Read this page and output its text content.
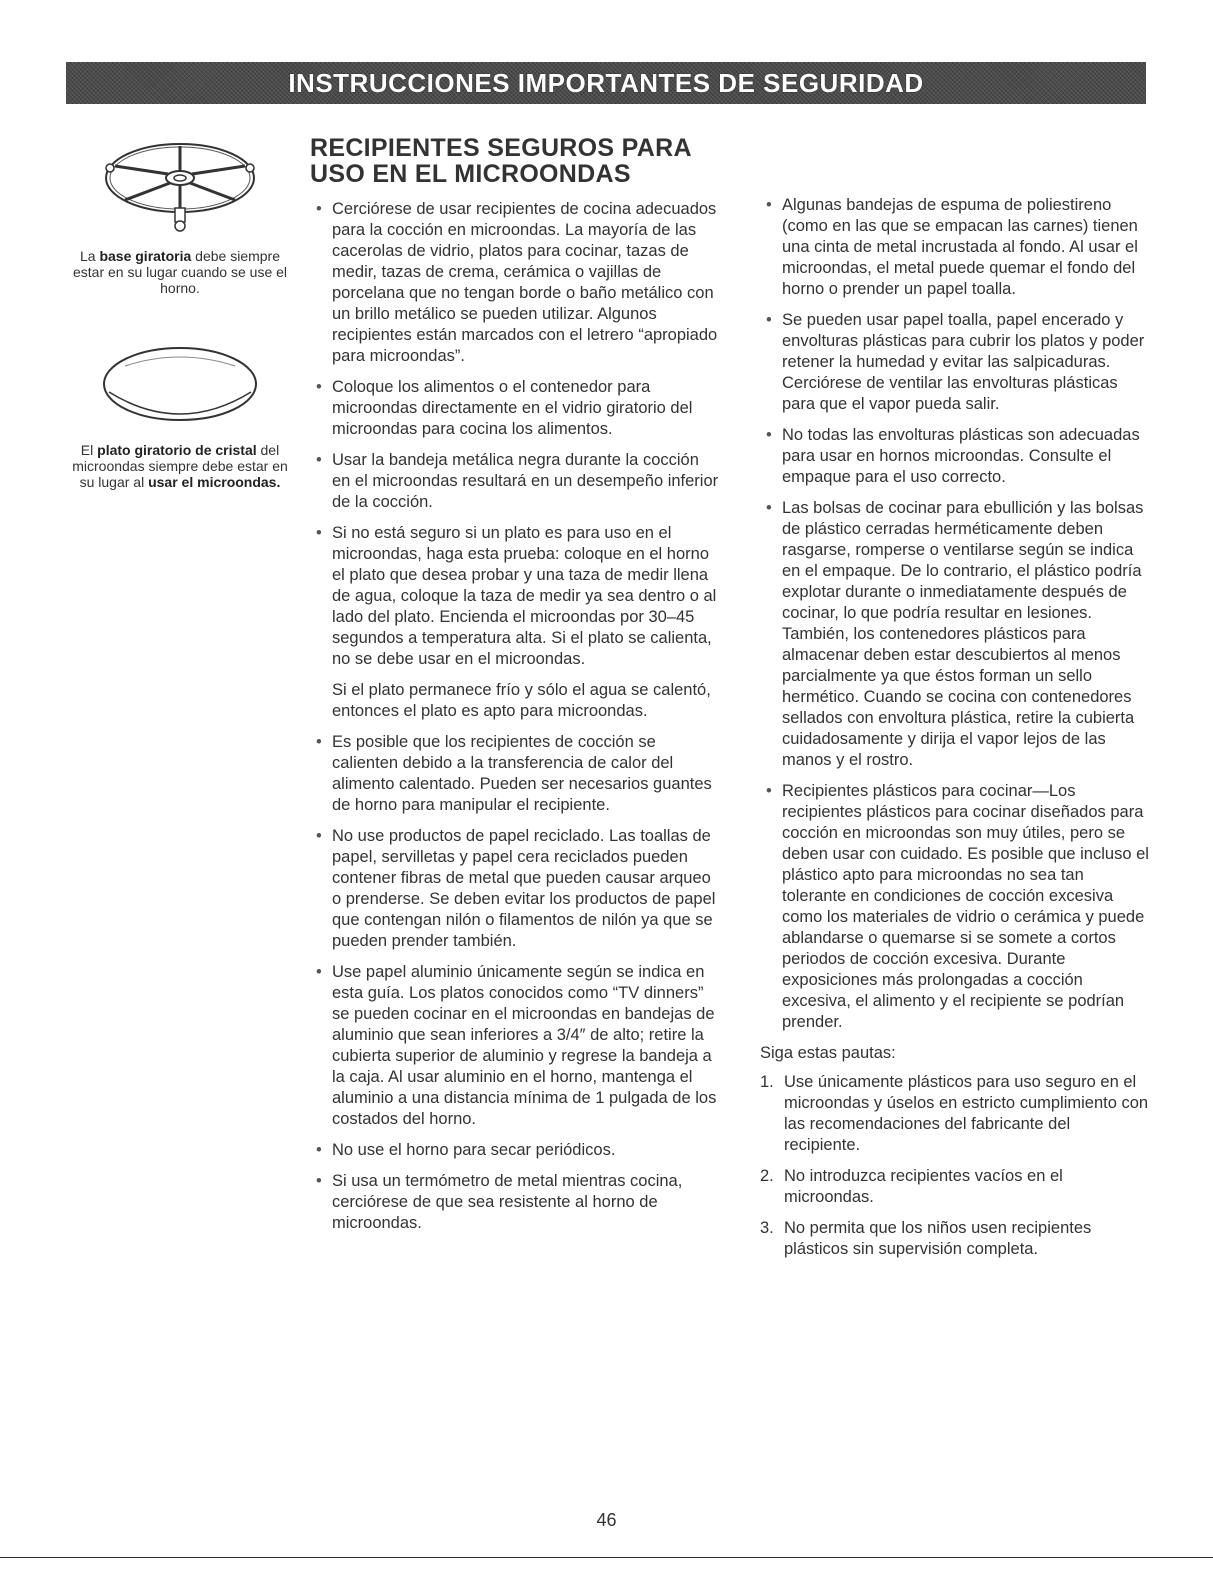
INSTRUCCIONES IMPORTANTES DE SEGURIDAD
La base giratoria debe siempre estar en su lugar cuando se use el horno.
El plato giratorio de cristal del microondas siempre debe estar en su lugar al usar el microondas.
RECIPIENTES SEGUROS PARA USO EN EL MICROONDAS
• Cerciórese de usar recipientes de cocina adecuados para la cocción en microondas. La mayoría de las cacerolas de vidrio, platos para cocinar, tazas de medir, tazas de crema, cerámica o vajillas de porcelana que no tengan borde o baño metálico con un brillo metálico se pueden utilizar. Algunos recipientes están marcados con el letrero “apropiado para microondas”.
• Coloque los alimentos o el contenedor para microondas directamente en el vidrio giratorio del microondas para cocina los alimentos.
• Usar la bandeja metálica negra durante la cocción en el microondas resultará en un desempeño inferior de la cocción.
• Si no está seguro si un plato es para uso en el microondas, haga esta prueba: coloque en el horno el plato que desea probar y una taza de medir llena de agua, coloque la taza de medir ya sea dentro o al lado del plato. Encienda el microondas por 30–45 segundos a temperatura alta. Si el plato se calienta, no se debe usar en el microondas.
Si el plato permanece frío y sólo el agua se calentó, entonces el plato es apto para microondas.
• Es posible que los recipientes de cocción se calienten debido a la transferencia de calor del alimento calentado. Pueden ser necesarios guantes de horno para manipular el recipiente.
• No use productos de papel reciclado. Las toallas de papel, servilletas y papel cera reciclados pueden contener fibras de metal que pueden causar arqueo o prenderse. Se deben evitar los productos de papel que contengan nilón o filamentos de nilón ya que se pueden prender también.
• Use papel aluminio únicamente según se indica en esta guía. Los platos conocidos como “TV dinners” se pueden cocinar en el microondas en bandejas de aluminio que sean inferiores a 3/4″ de alto; retire la cubierta superior de aluminio y regrese la bandeja a la caja. Al usar aluminio en el horno, mantenga el aluminio a una distancia mínima de 1 pulgada de los costados del horno.
• No use el horno para secar periódicos.
• Si usa un termómetro de metal mientras cocina, cerciórese de que sea resistente al horno de microondas.
• Algunas bandejas de espuma de poliestireno (como en las que se empacan las carnes) tienen una cinta de metal incrustada al fondo. Al usar el microondas, el metal puede quemar el fondo del horno o prender un papel toalla.
• Se pueden usar papel toalla, papel encerado y envolturas plásticas para cubrir los platos y poder retener la humedad y evitar las salpicaduras. Cerciórese de ventilar las envolturas plásticas para que el vapor pueda salir.
• No todas las envolturas plásticas son adecuadas para usar en hornos microondas. Consulte el empaque para el uso correcto.
• Las bolsas de cocinar para ebullición y las bolsas de plástico cerradas herméticamente deben rasgarse, romperse o ventilarse según se indica en el empaque. De lo contrario, el plástico podría explotar durante o inmediatamente después de cocinar, lo que podría resultar en lesiones. También, los contenedores plásticos para almacenar deben estar descubiertos al menos parcialmente ya que éstos forman un sello hermético. Cuando se cocina con contenedores sellados con envoltura plástica, retire la cubierta cuidadosamente y dirija el vapor lejos de las manos y el rostro.
• Recipientes plásticos para cocinar—Los recipientes plásticos para cocinar diseñados para cocción en microondas son muy útiles, pero se deben usar con cuidado. Es posible que incluso el plástico apto para microondas no sea tan tolerante en condiciones de cocción excesiva como los materiales de vidrio o cerámica y puede ablandarse o quemarse si se somete a cortos periodos de cocción excesiva. Durante exposiciones más prolongadas a cocción excesiva, el alimento y el recipiente se podrían prender.

Siga estas pautas:

1. Use únicamente plásticos para uso seguro en el microondas y úselos en estricto cumplimiento con las recomendaciones del fabricante del recipiente.
2. No introduzca recipientes vacíos en el microondas.
3. No permita que los niños usen recipientes plásticos sin supervisión completa.
46
